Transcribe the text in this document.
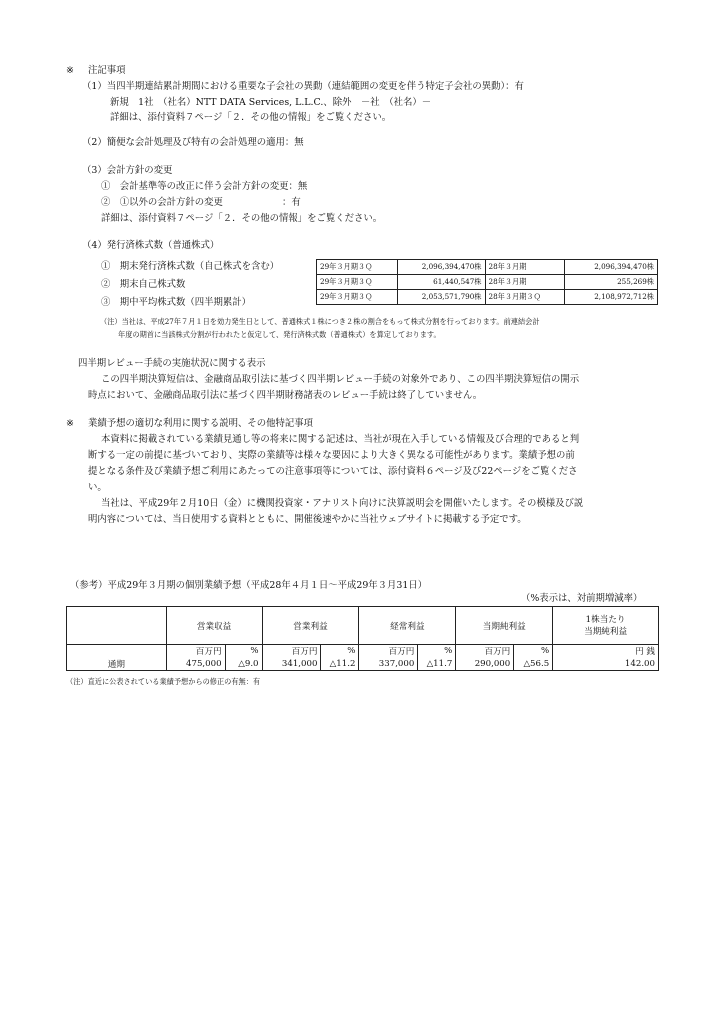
※ 注記事項
（1）当四半期連結累計期間における重要な子会社の異動（連結範囲の変更を伴う特定子会社の異動）：有
新規　1社　（社名）NTT DATA Services, L.L.C.、除外　－社　（社名）－
詳細は、添付資料７ページ「２．その他の情報」をご覧ください。
（2）簡便な会計処理及び特有の会計処理の適用：無
（3）会計方針の変更
①　会計基準等の改正に伴う会計方針の変更：無
②　①以外の会計方針の変更	：有
詳細は、添付資料７ページ「２．その他の情報」をご覧ください。
（4）発行済株式数（普通株式）
①　期末発行済株式数（自己株式を含む）
②　期末自己株式数
③　期中平均株式数（四半期累計）
29年３月期３Ｑ	2,096,394,470株	28年３月期	2,096,394,470株
29年３月期３Ｑ	61,440,547株	28年３月期	255,269株
29年３月期３Ｑ	2,053,571,790株	28年３月期３Ｑ	2,108,972,712株
（注）当社は、平成27年７月１日を効力発生日として、普通株式１株につき２株の割合をもって株式分割を行っております。前連結会計
年度の期首に当該株式分割が行われたと仮定して、発行済株式数（普通株式）を算定しております。
四半期レビュー手続の実施状況に関する表示
この四半期決算短信は、金融商品取引法に基づく四半期レビュー手続の対象外であり、この四半期決算短信の開示
時点において、金融商品取引法に基づく四半期財務諸表のレビュー手続は終了していません。
※ 業績予想の適切な利用に関する説明、その他特記事項
本資料に掲載されている業績見通し等の将来に関する記述は、当社が現在入手している情報及び合理的であると判
断する一定の前提に基づいており、実際の業績等は様々な要因により大きく異なる可能性があります。業績予想の前
提となる条件及び業績予想ご利用にあたっての注意事項等については、添付資料６ページ及び22ページをご覧くださ
い。
当社は、平成29年２月10日（金）に機関投資家・アナリスト向けに決算説明会を開催いたします。その模様及び説
明内容については、当日使用する資料とともに、開催後速やかに当社ウェブサイトに掲載する予定です。
（参考）平成29年３月期の個別業績予想（平成28年４月１日～平成29年３月31日）
（%表示は、対前期増減率）
	営業収益		営業利益		経常利益		当期純利益		1株当たり
当期純利益

	百万円	%	百万円	%	百万円	%	百万円	%	円 銭
通期	475,000	△9.0	341,000	△11.2	337,000	△11.7	290,000	△56.5	142.00
（注）直近に公表されている業績予想からの修正の有無：有
